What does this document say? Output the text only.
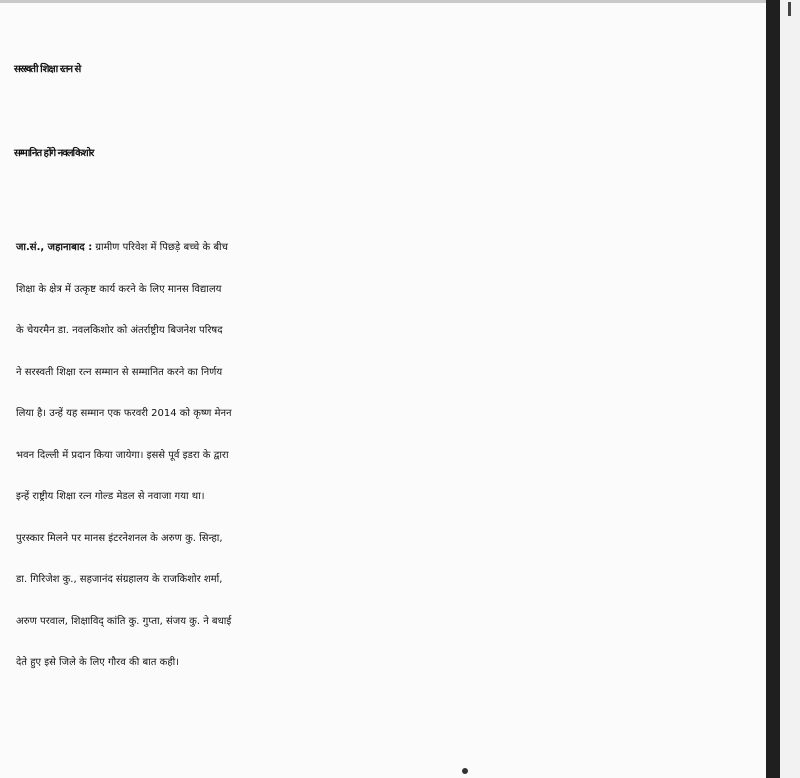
सरस्वती शिक्षा रतन से
सम्मानित होंगे नवलकिशोर
जा.सं., जहानाबाद : ग्रामीण परिवेश में पिछड़े बच्चे के बीच
शिक्षा के क्षेत्र में उत्कृष्ट कार्य करने के लिए मानस विद्यालय
के चेयरमैन डा. नवलकिशोर को अंतर्राष्ट्रीय बिजनेश परिषद
ने सरस्वती शिक्षा रत्न सम्मान से सम्मानित करने का निर्णय
लिया है। उन्हें यह सम्मान एक फरवरी 2014 को कृष्ण मेनन
भवन दिल्ली में प्रदान किया जायेगा। इससे पूर्व इडरा के द्वारा
इन्हें राष्ट्रीय शिक्षा रत्न गोल्ड मेडल से नवाजा गया था।
पुरस्कार मिलने पर मानस इंटरनेशनल के अरुण कु. सिन्हा,
डा. गिरिजेश कु., सहजानंद संग्रहालय के राजकिशोर शर्मा,
अरुण परवाल, शिक्षाविद् कांति कु. गुप्ता, संजय कु. ने बधाई
देते हुए इसे जिले के लिए गौरव की बात कही।
